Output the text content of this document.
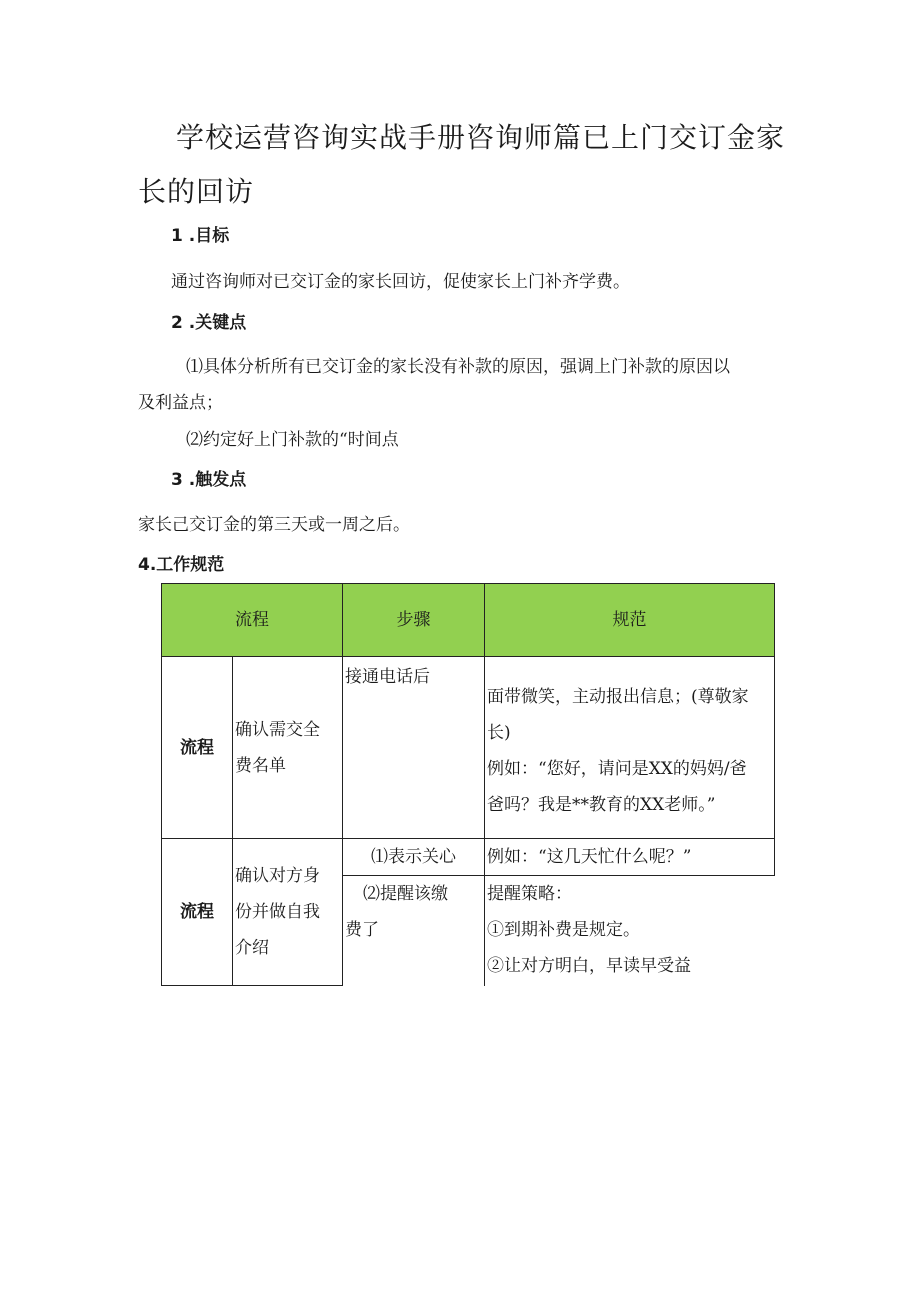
学校运营咨询实战手册咨询师篇已上门交订金家
长的回访
1 .目标
通过咨询师对已交订金的家长回访，促使家长上门补齐学费。
2 .关键点
⑴具体分析所有已交订金的家长没有补款的原因，强调上门补款的原因以
及利益点；
⑵约定好上门补款的“时间点
3 .触发点
家长己交订金的第三天或一周之后。
4.工作规范
流程		步骤	规范
流程	确认需交全
费名单	接通电话后	面带微笑，主动报出信息；(尊敬家
长)
例如：“您好，请问是XX的妈妈/爸
爸吗？我是**教育的XX老师。”

流程	确认对方身
份并做自我
介绍	⑴表示关心	例如：“这几天忙什么呢？”

		⑵提醒该缴
费了	提醒策略：
①到期补费是规定。
②让对方明白，早读早受益
